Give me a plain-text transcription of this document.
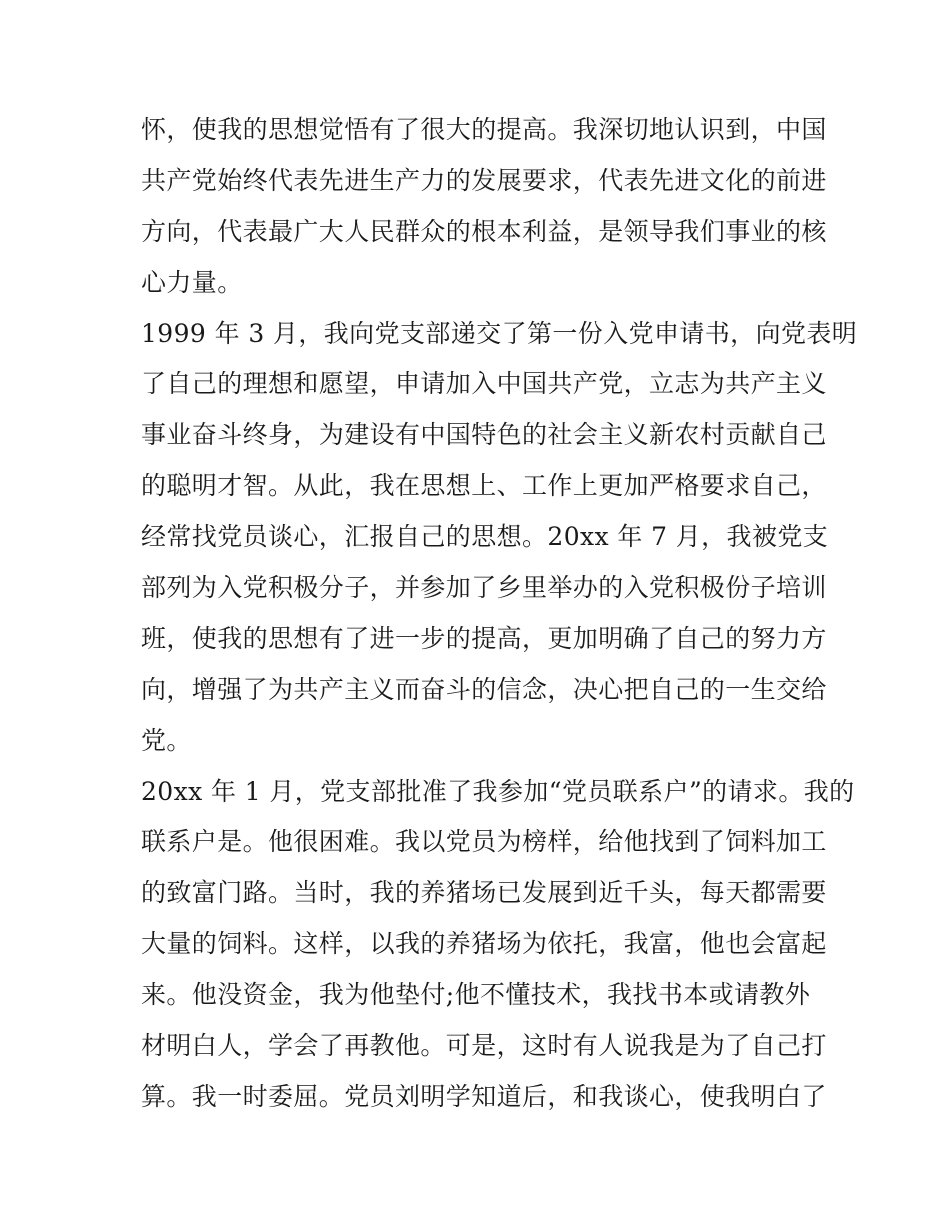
怀，使我的思想觉悟有了很大的提高。我深切地认识到，中国
共产党始终代表先进生产力的发展要求，代表先进文化的前进
方向，代表最广大人民群众的根本利益，是领导我们事业的核
心力量。
1999 年 3 月，我向党支部递交了第一份入党申请书，向党表明
了自己的理想和愿望，申请加入中国共产党，立志为共产主义
事业奋斗终身，为建设有中国特色的社会主义新农村贡献自己
的聪明才智。从此，我在思想上、工作上更加严格要求自己，
经常找党员谈心，汇报自己的思想。20xx 年 7 月，我被党支
部列为入党积极分子，并参加了乡里举办的入党积极份子培训
班，使我的思想有了进一步的提高，更加明确了自己的努力方
向，增强了为共产主义而奋斗的信念，决心把自己的一生交给
党。
20xx 年 1 月，党支部批准了我参加“党员联系户”的请求。我的
联系户是。他很困难。我以党员为榜样，给他找到了饲料加工
的致富门路。当时，我的养猪场已发展到近千头，每天都需要
大量的饲料。这样，以我的养猪场为依托，我富，他也会富起
来。他没资金，我为他垫付;他不懂技术，我找书本或请教外
材明白人，学会了再教他。可是，这时有人说我是为了自己打
算。我一时委屈。党员刘明学知道后，和我谈心，使我明白了
